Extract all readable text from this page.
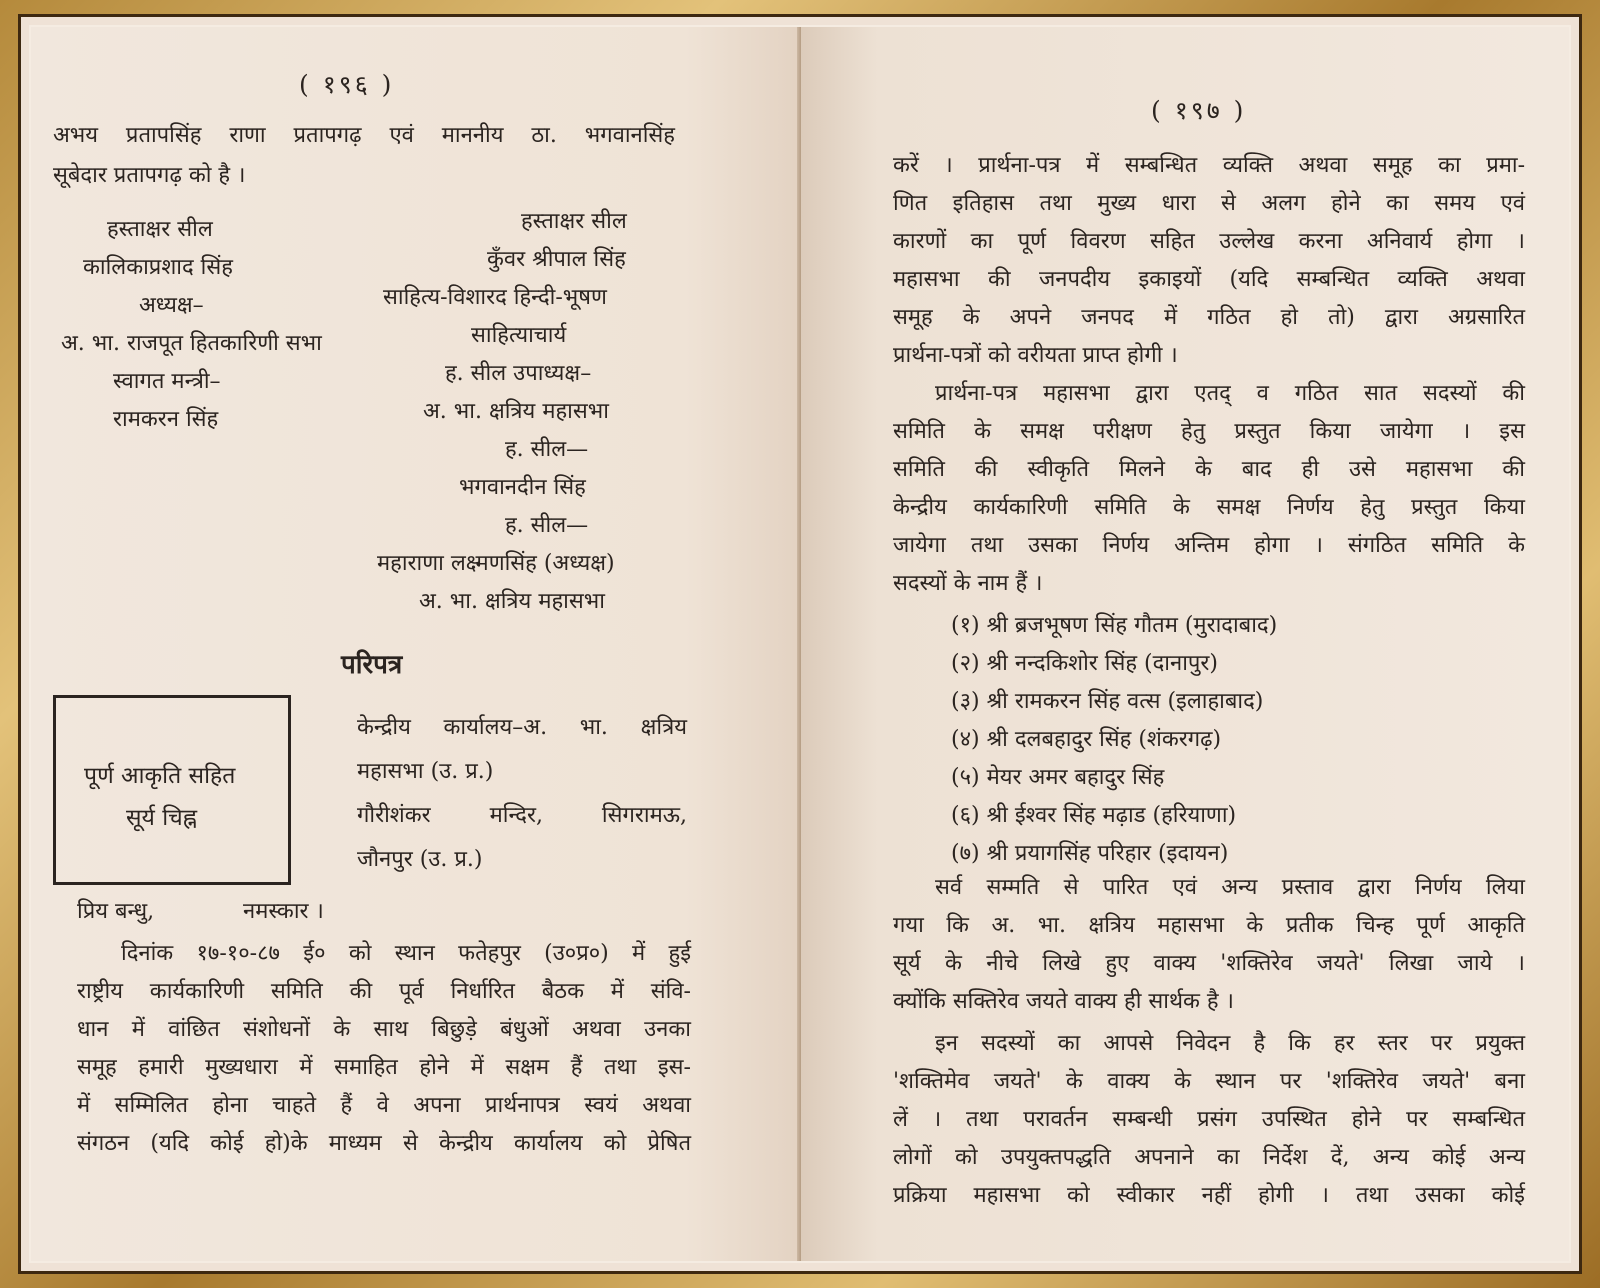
( १९६ )
अभय प्रतापसिंह राणा प्रतापगढ़ एवं माननीय ठा. भगवानसिंह
सूबेदार प्रतापगढ़ को है ।
हस्ताक्षर सील
कालिकाप्रशाद सिंह
अध्यक्ष–
अ. भा. राजपूत हितकारिणी सभा
स्वागत मन्त्री–
रामकरन सिंह
हस्ताक्षर सील
कुँवर श्रीपाल सिंह
साहित्य-विशारद हिन्दी-भूषण
साहित्याचार्य
ह. सील उपाध्यक्ष–
अ. भा. क्षत्रिय महासभा
ह. सील—
भगवानदीन सिंह
ह. सील—
महाराणा लक्ष्मणसिंह (अध्यक्ष)
अ. भा. क्षत्रिय महासभा
परिपत्र
पूर्ण आकृति सहित
सूर्य चिह्न
केन्द्रीय कार्यालय–अ. भा. क्षत्रिय
महासभा (उ. प्र.)
गौरीशंकर मन्दिर, सिगरामऊ,
जौनपुर (उ. प्र.)
प्रिय बन्धु,	नमस्कार ।
दिनांक १७-१०-८७ ई० को स्थान फतेहपुर (उ०प्र०) में हुई
राष्ट्रीय कार्यकारिणी समिति की पूर्व निर्धारित बैठक में संवि-
धान में वांछित संशोधनों के साथ बिछुड़े बंधुओं अथवा उनका
समूह हमारी मुख्यधारा में समाहित होने में सक्षम हैं तथा इस-
में सम्मिलित होना चाहते हैं वे अपना प्रार्थनापत्र स्वयं अथवा
संगठन (यदि कोई हो)के माध्यम से केन्द्रीय कार्यालय को प्रेषित
( १९७ )
करें । प्रार्थना-पत्र में सम्बन्धित व्यक्ति अथवा समूह का प्रमा-
णित इतिहास तथा मुख्य धारा से अलग होने का समय एवं
कारणों का पूर्ण विवरण सहित उल्लेख करना अनिवार्य होगा ।
महासभा की जनपदीय इकाइयों (यदि सम्बन्धित व्यक्ति अथवा
समूह के अपने जनपद में गठित हो तो) द्वारा अग्रसारित
प्रार्थना-पत्रों को वरीयता प्राप्त होगी ।
प्रार्थना-पत्र महासभा द्वारा एतद् व गठित सात सदस्यों की
समिति के समक्ष परीक्षण हेतु प्रस्तुत किया जायेगा । इस
समिति की स्वीकृति मिलने के बाद ही उसे महासभा की
केन्द्रीय कार्यकारिणी समिति के समक्ष निर्णय हेतु प्रस्तुत किया
जायेगा तथा उसका निर्णय अन्तिम होगा । संगठित समिति के
सदस्यों के नाम हैं ।
(१) श्री ब्रजभूषण सिंह गौतम (मुरादाबाद)
(२) श्री नन्दकिशोर सिंह (दानापुर)
(३) श्री रामकरन सिंह वत्स (इलाहाबाद)
(४) श्री दलबहादुर सिंह (शंकरगढ़)
(५) मेयर अमर बहादुर सिंह
(६) श्री ईश्वर सिंह मढ़ाड (हरियाणा)
(७) श्री प्रयागसिंह परिहार (इदायन)
सर्व सम्मति से पारित एवं अन्य प्रस्ताव द्वारा निर्णय लिया
गया कि अ. भा. क्षत्रिय महासभा के प्रतीक चिन्ह पूर्ण आकृति
सूर्य के नीचे लिखे हुए वाक्य 'शक्तिरेव जयते' लिखा जाये ।
क्योंकि सक्तिरेव जयते वाक्य ही सार्थक है ।
इन सदस्यों का आपसे निवेदन है कि हर स्तर पर प्रयुक्त
'शक्तिमेव जयते' के वाक्य के स्थान पर 'शक्तिरेव जयते' बना
लें । तथा परावर्तन सम्बन्धी प्रसंग उपस्थित होने पर सम्बन्धित
लोगों को उपयुक्तपद्धति अपनाने का निर्देश दें, अन्य कोई अन्य
प्रक्रिया महासभा को स्वीकार नहीं होगी । तथा उसका कोई
